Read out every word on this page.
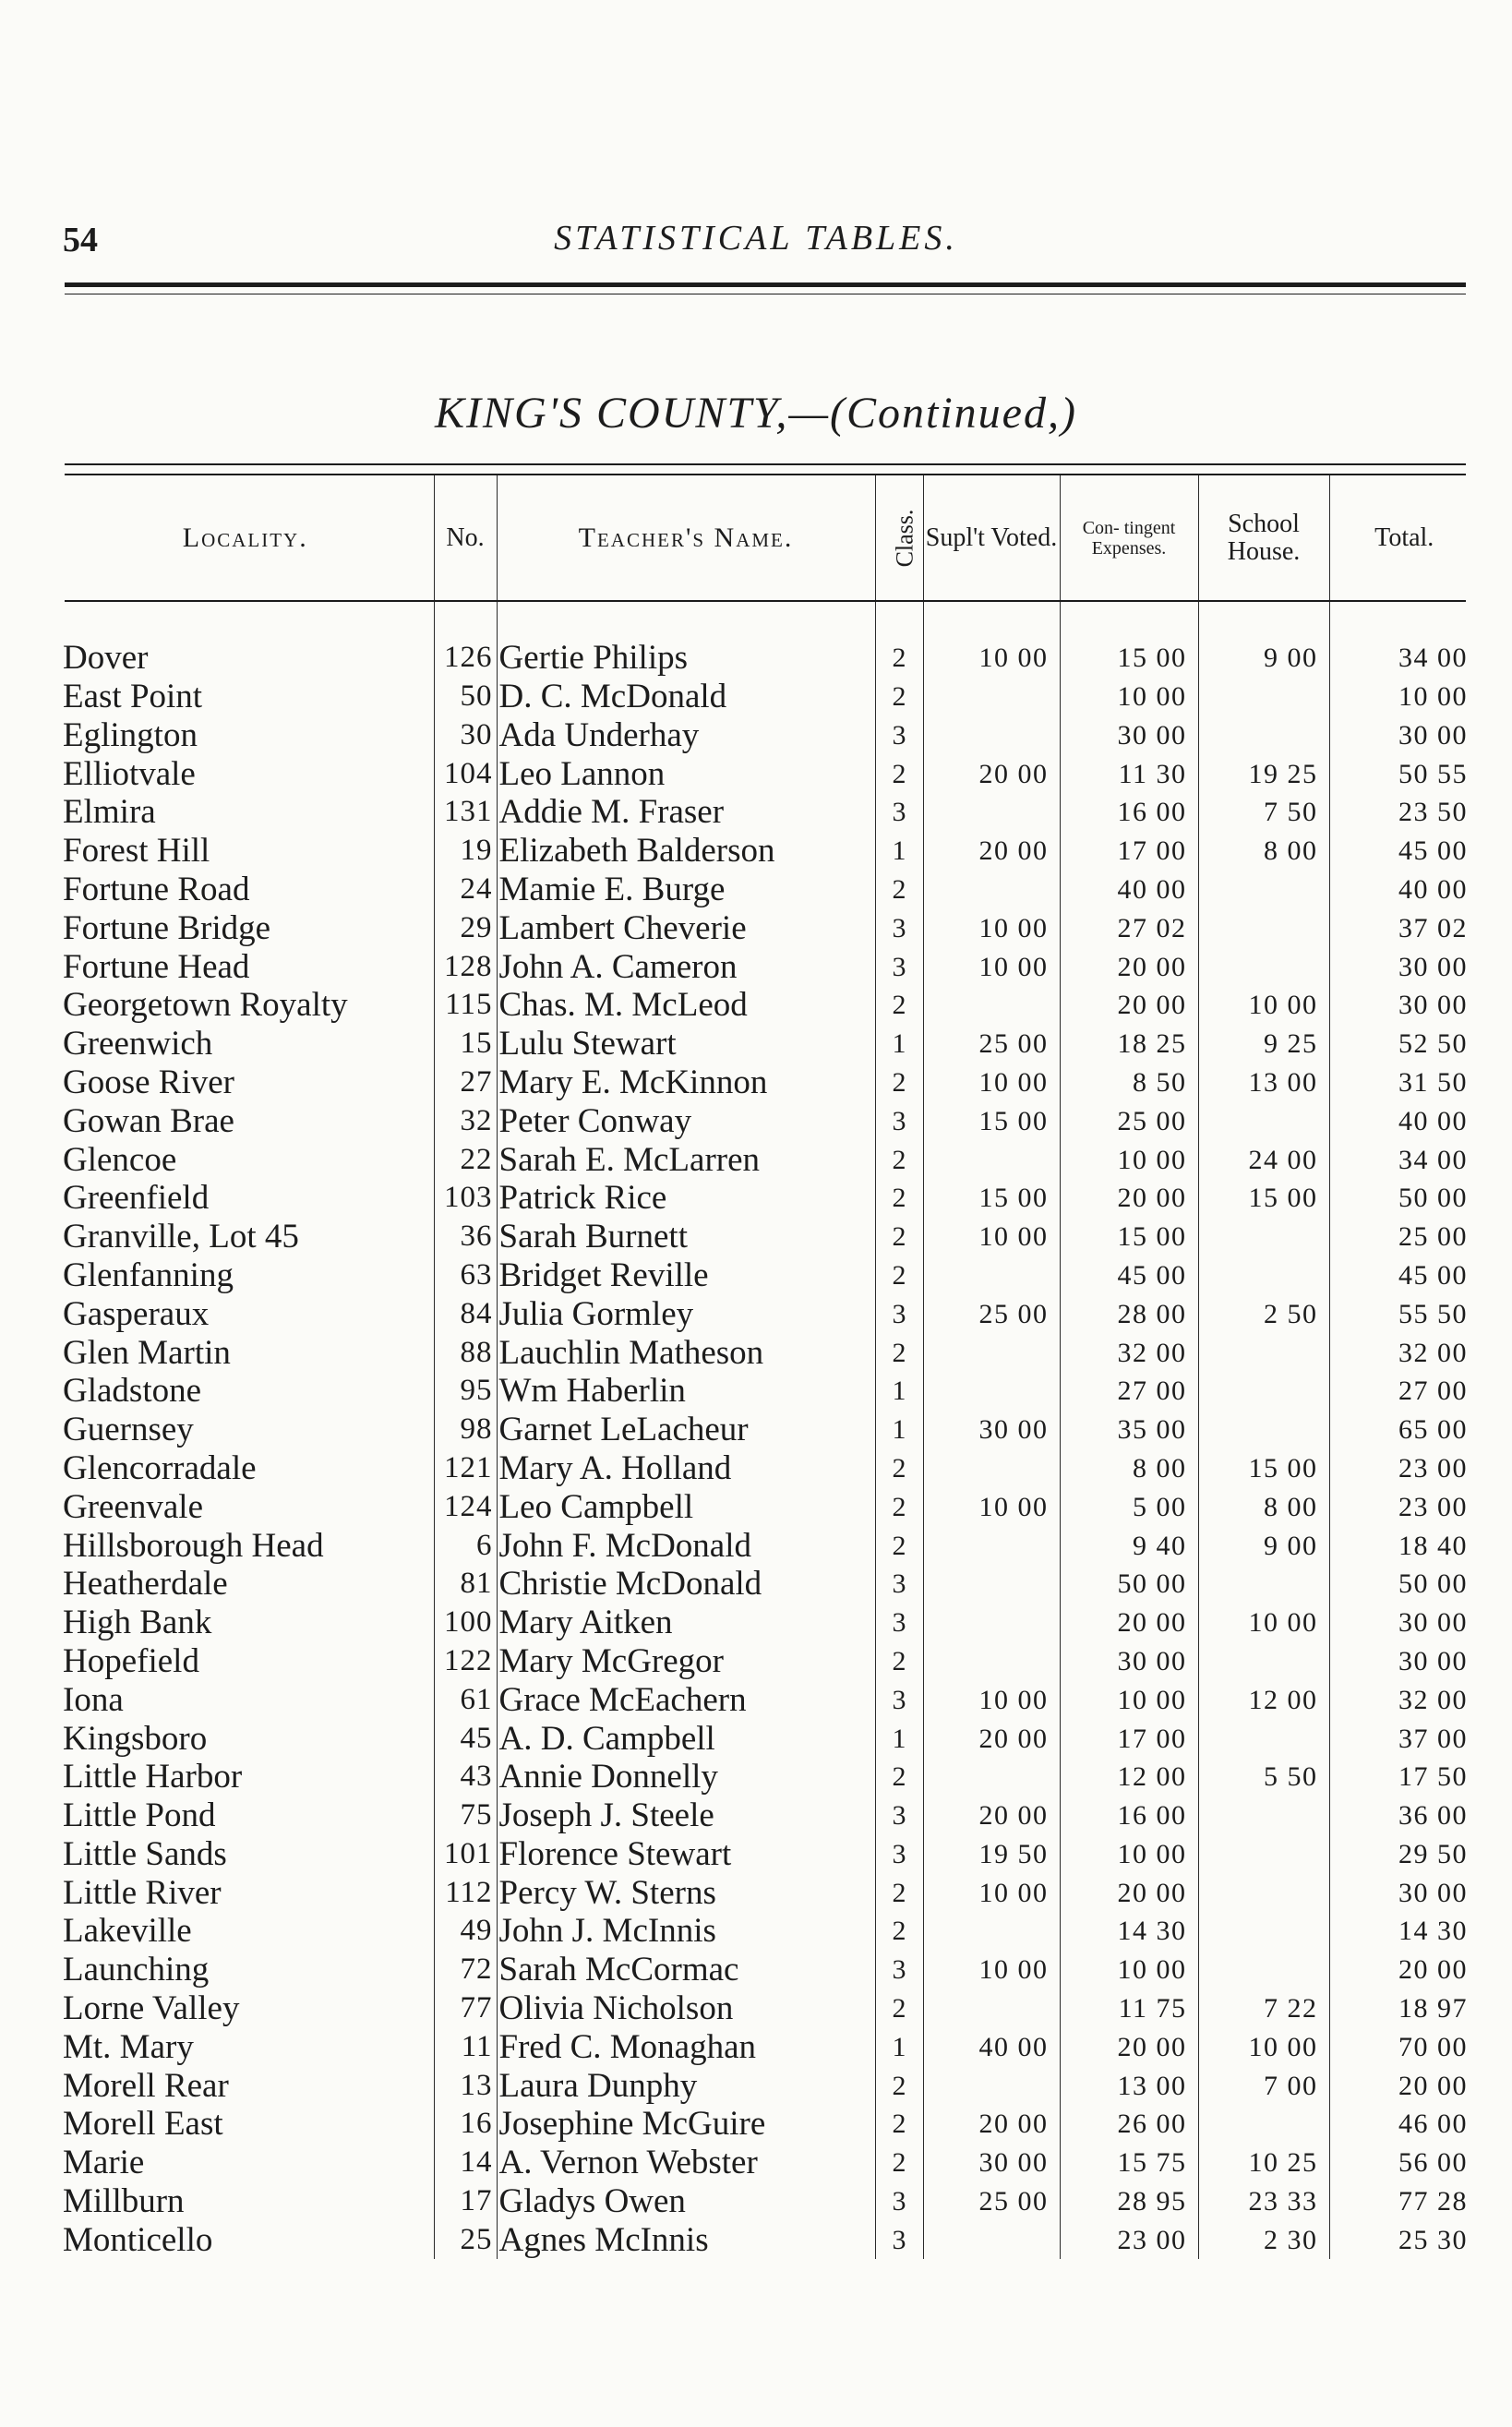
54	STATISTICAL TABLES.
KING'S COUNTY,—(Continued,)
Locality.	No.	Teacher's Name.	Class.	Supl't Voted.	Con- tingent Expenses.	School House.	Total.

Dover	126	Gertie Philips	2	10 00	15 00	9 00	34 00
East Point	50	D. C. McDonald	2		10 00		10 00
Eglington	30	Ada Underhay	3		30 00		30 00
Elliotvale	104	Leo Lannon	2	20 00	11 30	19 25	50 55
Elmira	131	Addie M. Fraser	3		16 00	7 50	23 50
Forest Hill	19	Elizabeth Balderson	1	20 00	17 00	8 00	45 00
Fortune Road	24	Mamie E. Burge	2		40 00		40 00
Fortune Bridge	29	Lambert Cheverie	3	10 00	27 02		37 02
Fortune Head	128	John A. Cameron	3	10 00	20 00		30 00
Georgetown Royalty	115	Chas. M. McLeod	2		20 00	10 00	30 00
Greenwich	15	Lulu Stewart	1	25 00	18 25	9 25	52 50
Goose River	27	Mary E. McKinnon	2	10 00	8 50	13 00	31 50
Gowan Brae	32	Peter Conway	3	15 00	25 00		40 00
Glencoe	22	Sarah E. McLarren	2		10 00	24 00	34 00
Greenfield	103	Patrick Rice	2	15 00	20 00	15 00	50 00
Granville, Lot 45	36	Sarah Burnett	2	10 00	15 00		25 00
Glenfanning	63	Bridget Reville	2		45 00		45 00
Gasperaux	84	Julia Gormley	3	25 00	28 00	2 50	55 50
Glen Martin	88	Lauchlin Matheson	2		32 00		32 00
Gladstone	95	Wm Haberlin	1		27 00		27 00
Guernsey	98	Garnet LeLacheur	1	30 00	35 00		65 00
Glencorradale	121	Mary A. Holland	2		8 00	15 00	23 00
Greenvale	124	Leo Campbell	2	10 00	5 00	8 00	23 00
Hillsborough Head	6	John F. McDonald	2		9 40	9 00	18 40
Heatherdale	81	Christie McDonald	3		50 00		50 00
High Bank	100	Mary Aitken	3		20 00	10 00	30 00
Hopefield	122	Mary McGregor	2		30 00		30 00
Iona	61	Grace McEachern	3	10 00	10 00	12 00	32 00
Kingsboro	45	A. D. Campbell	1	20 00	17 00		37 00
Little Harbor	43	Annie Donnelly	2		12 00	5 50	17 50
Little Pond	75	Joseph J. Steele	3	20 00	16 00		36 00
Little Sands	101	Florence Stewart	3	19 50	10 00		29 50
Little River	112	Percy W. Sterns	2	10 00	20 00		30 00
Lakeville	49	John J. McInnis	2		14 30		14 30
Launching	72	Sarah McCormac	3	10 00	10 00		20 00
Lorne Valley	77	Olivia Nicholson	2		11 75	7 22	18 97
Mt. Mary	11	Fred C. Monaghan	1	40 00	20 00	10 00	70 00
Morell Rear	13	Laura Dunphy	2		13 00	7 00	20 00
Morell East	16	Josephine McGuire	2	20 00	26 00		46 00
Marie	14	A. Vernon Webster	2	30 00	15 75	10 25	56 00
Millburn	17	Gladys Owen	3	25 00	28 95	23 33	77 28
Monticello	25	Agnes McInnis	3		23 00	2 30	25 30
